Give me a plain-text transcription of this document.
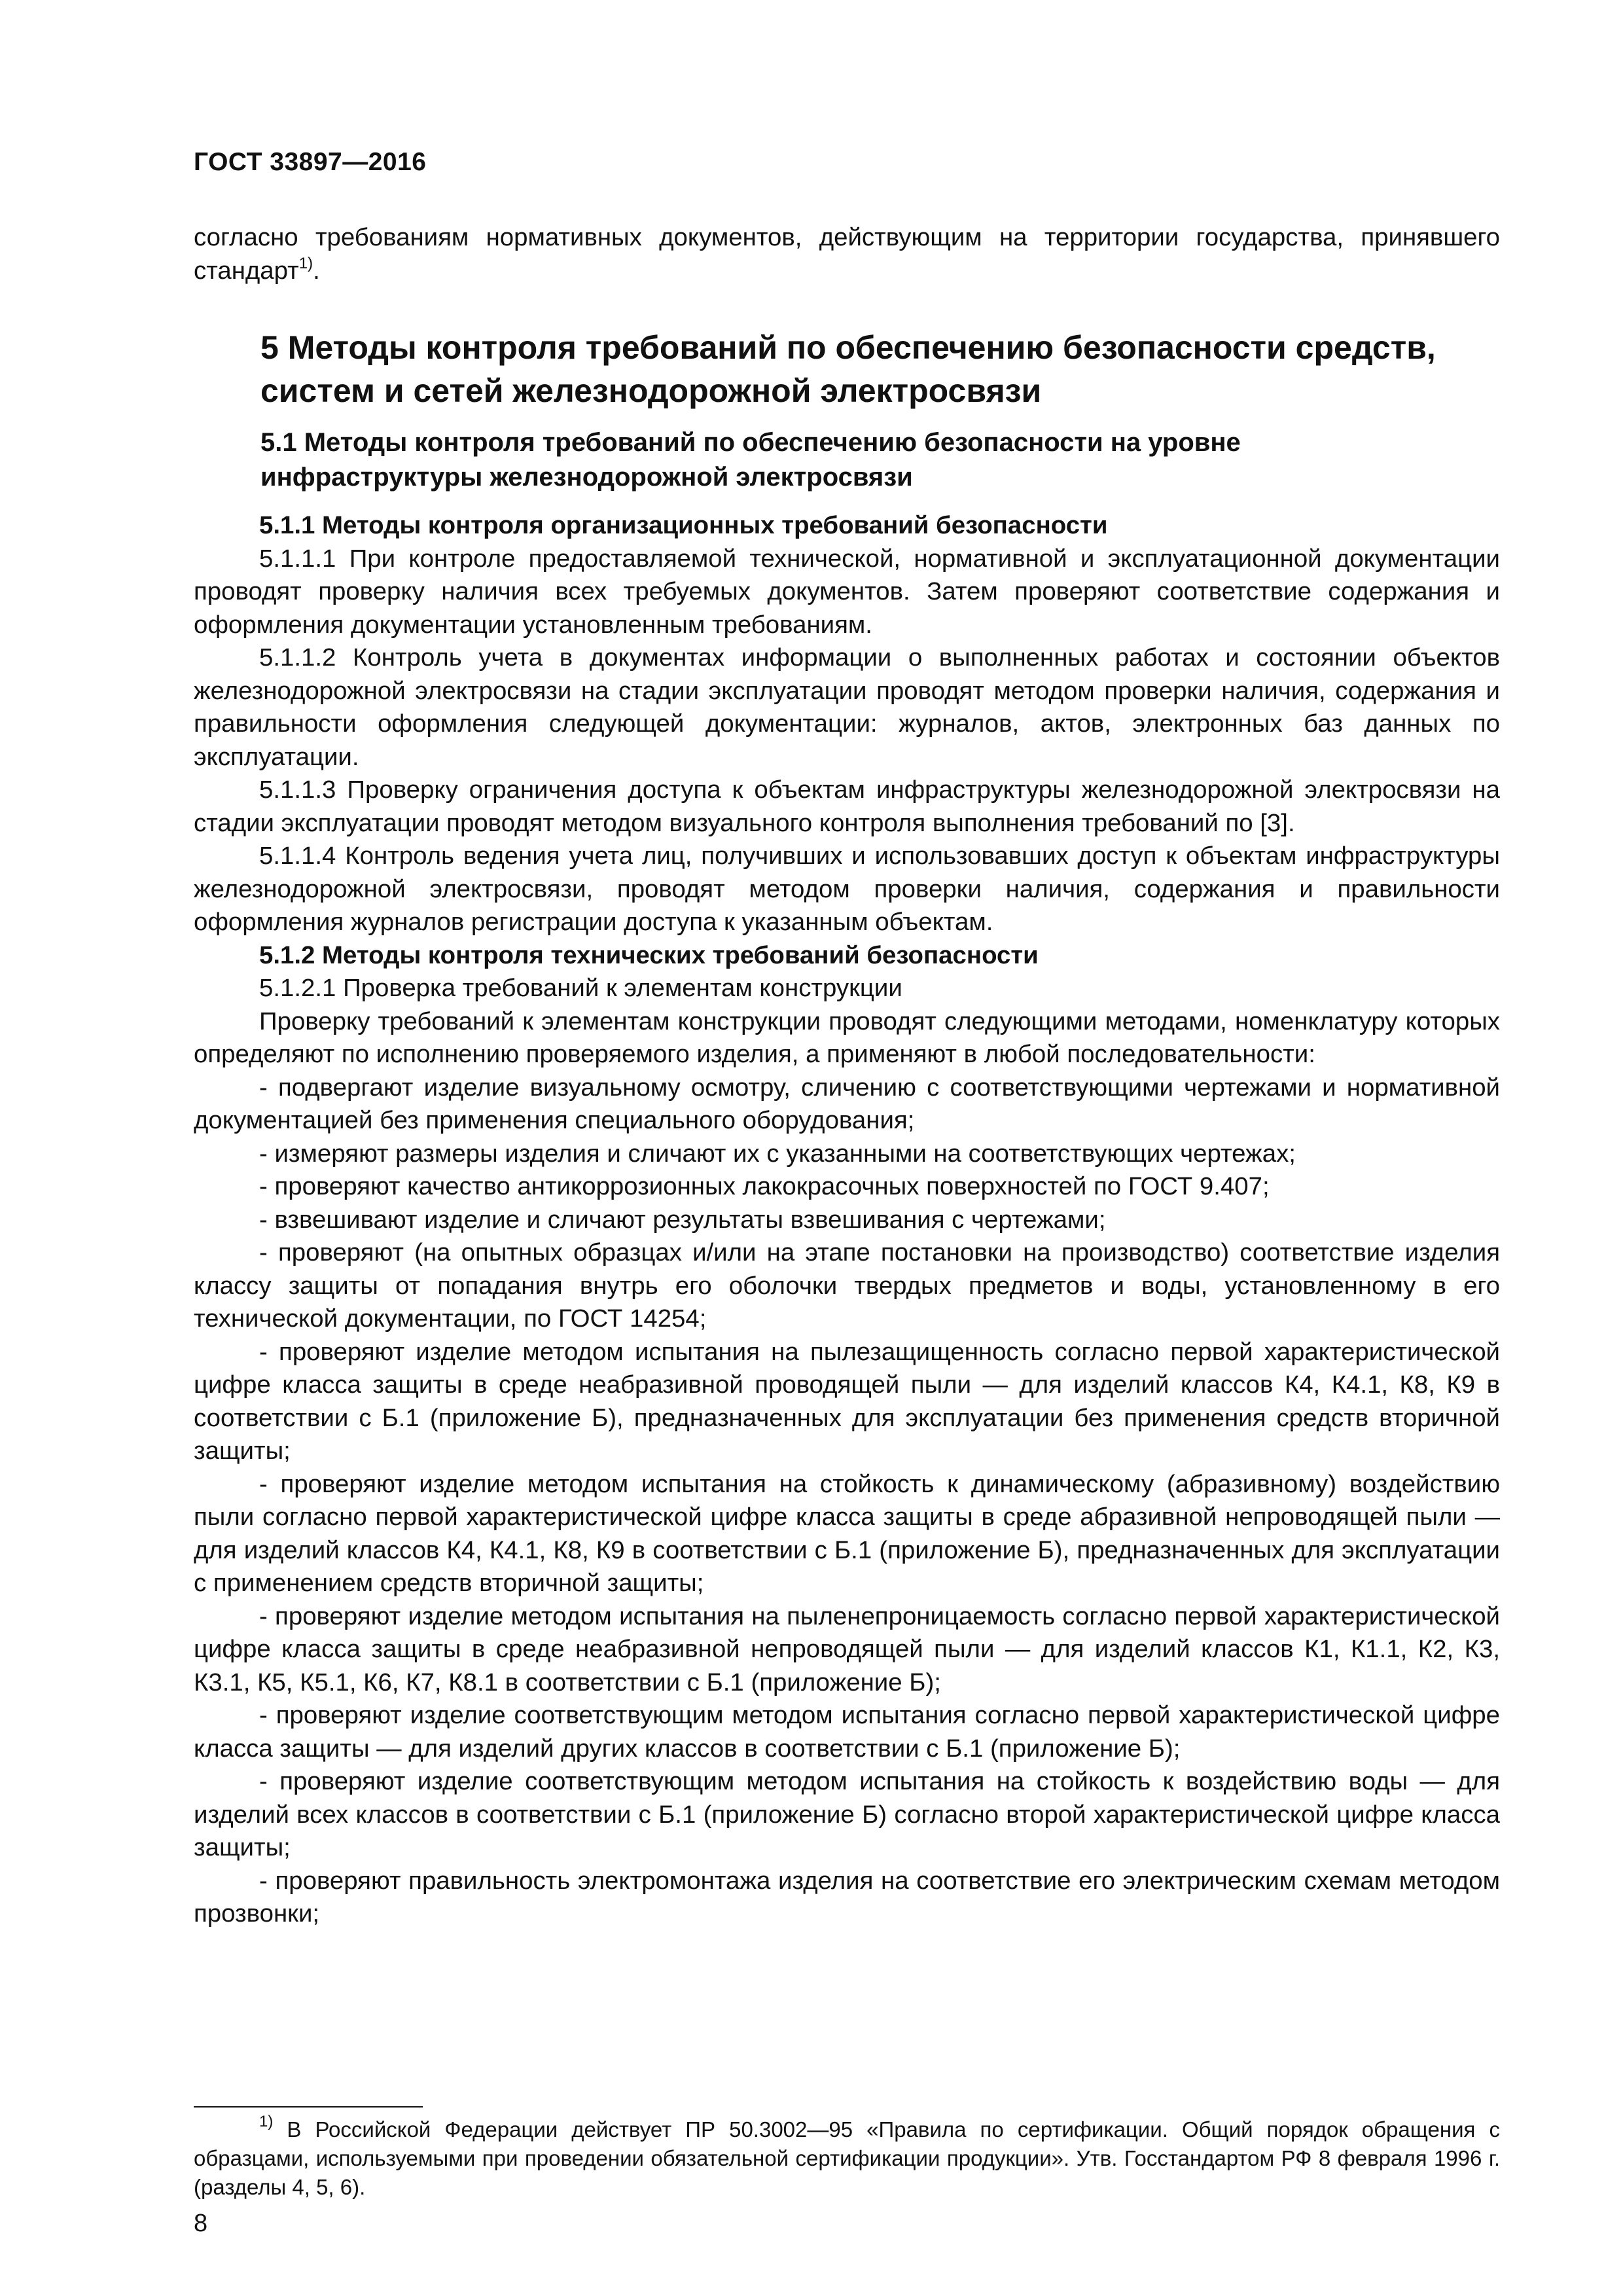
ГОСТ 33897—2016

согласно требованиям нормативных документов, действующим на территории государства, принявшего стандарт$^{1)}$.

5 Методы контроля требований по обеспечению безопасности средств,
систем и сетей железнодорожной электросвязи
5.1 Методы контроля требований по обеспечению безопасности на уровне
инфраструктуры железнодорожной электросвязи

5.1.1 Методы контроля организационных требований безопасности

5.1.1.1 При контроле предоставляемой технической, нормативной и эксплуатационной документации проводят проверку наличия всех требуемых документов. Затем проверяют соответствие содержания и оформления документации установленным требованиям.

5.1.1.2 Контроль учета в документах информации о выполненных работах и состоянии объектов железнодорожной электросвязи на стадии эксплуатации проводят методом проверки наличия, содержания и правильности оформления следующей документации: журналов, актов, электронных баз данных по эксплуатации.

5.1.1.3 Проверку ограничения доступа к объектам инфраструктуры железнодорожной электросвязи на стадии эксплуатации проводят методом визуального контроля выполнения требований по [3].

5.1.1.4 Контроль ведения учета лиц, получивших и использовавших доступ к объектам инфраструктуры железнодорожной электросвязи, проводят методом проверки наличия, содержания и правильности оформления журналов регистрации доступа к указанным объектам.

5.1.2 Методы контроля технических требований безопасности

5.1.2.1 Проверка требований к элементам конструкции

Проверку требований к элементам конструкции проводят следующими методами, номенклатуру которых определяют по исполнению проверяемого изделия, а применяют в любой последовательности:

- подвергают изделие визуальному осмотру, сличению с соответствующими чертежами и нормативной документацией без применения специального оборудования;

- измеряют размеры изделия и сличают их с указанными на соответствующих чертежах;

- проверяют качество антикоррозионных лакокрасочных поверхностей по ГОСТ 9.407;

- взвешивают изделие и сличают результаты взвешивания с чертежами;

- проверяют (на опытных образцах и/или на этапе постановки на производство) соответствие изделия классу защиты от попадания внутрь его оболочки твердых предметов и воды, установленному в его технической документации, по ГОСТ 14254;

- проверяют изделие методом испытания на пылезащищенность согласно первой характеристической цифре класса защиты в среде неабразивной проводящей пыли — для изделий классов К4, К4.1, К8, К9 в соответствии с Б.1 (приложение Б), предназначенных для эксплуатации без применения средств вторичной защиты;

- проверяют изделие методом испытания на стойкость к динамическому (абразивному) воздействию пыли согласно первой характеристической цифре класса защиты в среде абразивной непроводящей пыли — для изделий классов К4, К4.1, К8, К9 в соответствии с Б.1 (приложение Б), предназначенных для эксплуатации с применением средств вторичной защиты;

- проверяют изделие методом испытания на пыленепроницаемость согласно первой характеристической цифре класса защиты в среде неабразивной непроводящей пыли — для изделий классов К1, К1.1, К2, К3, К3.1, К5, К5.1, К6, К7, К8.1 в соответствии с Б.1 (приложение Б);

- проверяют изделие соответствующим методом испытания согласно первой характеристической цифре класса защиты — для изделий других классов в соответствии с Б.1 (приложение Б);

- проверяют изделие соответствующим методом испытания на стойкость к воздействию воды — для изделий всех классов в соответствии с Б.1 (приложение Б) согласно второй характеристической цифре класса защиты;

- проверяют правильность электромонтажа изделия на соответствие его электрическим схемам методом прозвонки;

$^{1)}$ В Российской Федерации действует ПР 50.3002—95 «Правила по сертификации. Общий порядок обращения с образцами, используемыми при проведении обязательной сертификации продукции». Утв. Госстандартом РФ 8 февраля 1996 г. (разделы 4, 5, 6).

8
